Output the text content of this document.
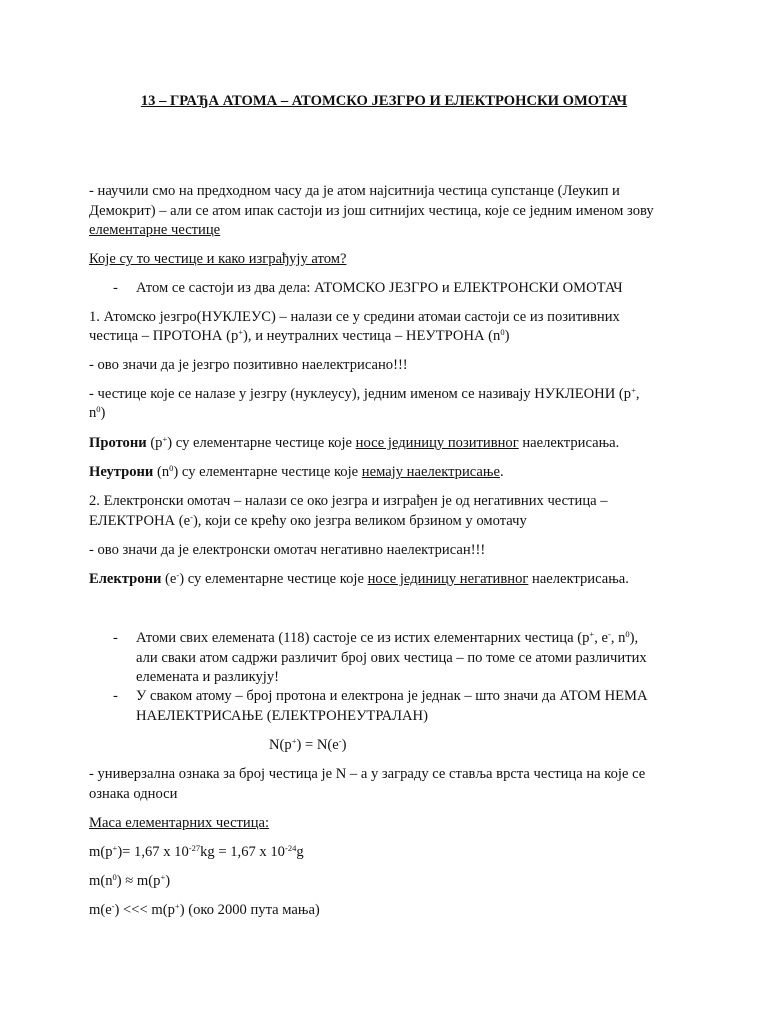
13 – ГРАЂА АТОМА – АТОМСКО ЈЕЗГРО И ЕЛЕКТРОНСКИ ОМОТАЧ
- научили смо на предходном часу да је атом најситнија честица супстанце (Леукип и
Демокрит) – али се атом ипак састоји из још ситнијих честица, које се једним именом зову
елементарне честице
Које су то честице и како изграђују атом?
- Атом се састоји из два дела: АТОМСКО ЈЕЗГРО и ЕЛЕКТРОНСКИ ОМОТАЧ
1. Атомско језгро(НУКЛЕУС) – налази се у средини атомаи састоји се из позитивних
честица – ПРОТОНА (p+), и неутралних честица – НЕУТРОНА $(n^0)$
- ово значи да је језгро позитивно наелектрисано!!!
- честице које се налазе у језгру (нуклеусу), једним именом се називају НУКЛЕОНИ (p+,
$n^0$)
Протони (p+) су елементарне честице које носе јединицу позитивног наелектрисања.
Неутрони $(n^0)$ су елементарне честице које немају наелектрисање.
2. Електронски омотач – налази се око језгра и изграђен је од негативних честица –
ЕЛЕКТРОНА (e-), који се крећу око језгра великом брзином у омотачу
- ово значи да је електронски омотач негативно наелектрисан!!!
Електрони (e-) су елементарне честице које носе јединицу негативног наелектрисања.
- Атоми свих елемената (118) састоје се из истих елементарних честица (p+, e-, $n^0$),
али сваки атом садржи различит број ових честица – по томе се атоми различитих
елемената и разликују!
- У сваком атому – број протона и електрона је једнак – што значи да АТОМ НЕМА
НАЕЛЕКТРИСАЊЕ (ЕЛЕКТРОНЕУТРАЛАН)
N(p+) = N(e-)
- универзална ознака за број честица је N – а у заграду се ставља врста честица на које се
ознака односи
Маса елементарних честица:
m(p+)= 1,67 x $10^{-27}kg = 1,67$ x $10^{-24}g$
$m(n^0) \approx m(p^+)$
m(e-) <<< m(p+) (око 2000 пута мања)
